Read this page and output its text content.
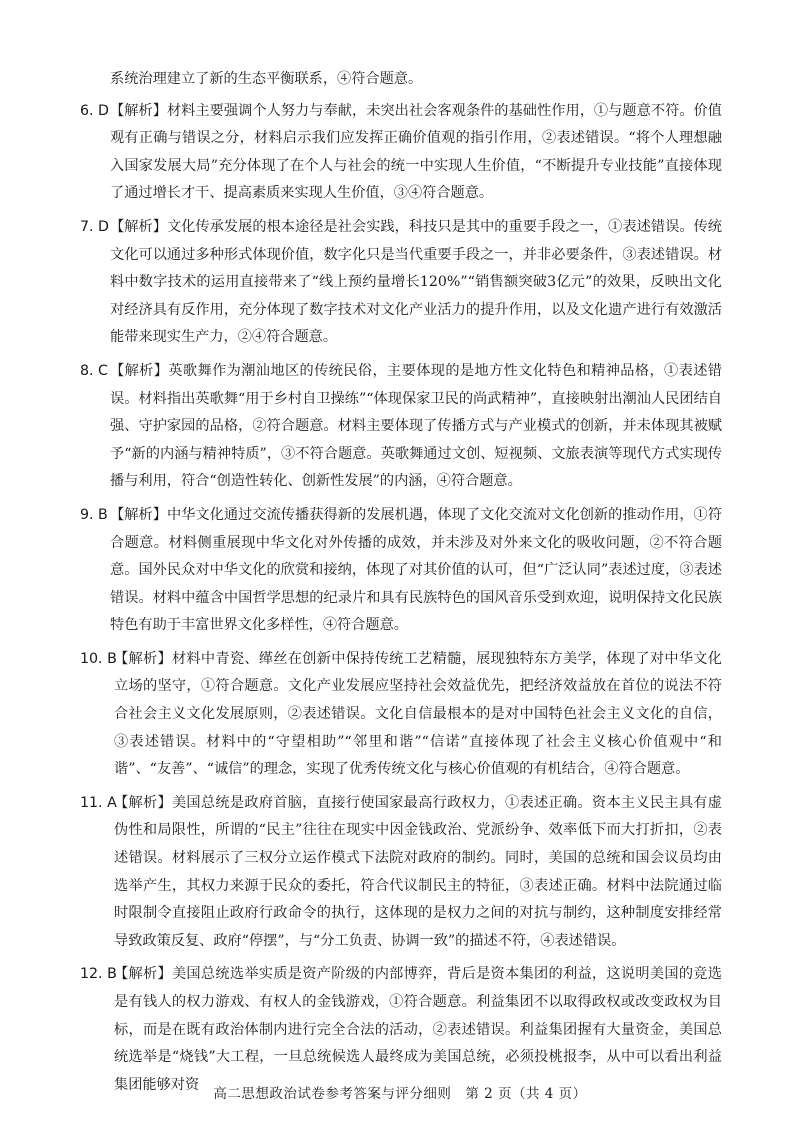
系统治理建立了新的生态平衡联系，④符合题意。

6. D 【解析】材料主要强调个人努力与奉献，未突出社会客观条件的基础性作用，①与题意不符。价值观有正确与错误之分，材料启示我们应发挥正确价值观的指引作用，②表述错误。“将个人理想融入国家发展大局”充分体现了在个人与社会的统一中实现人生价值，“不断提升专业技能”直接体现了通过增长才干、提高素质来实现人生价值，③④符合题意。
7. D 【解析】文化传承发展的根本途径是社会实践，科技只是其中的重要手段之一，①表述错误。传统文化可以通过多种形式体现价值，数字化只是当代重要手段之一，并非必要条件，③表述错误。材料中数字技术的运用直接带来了“线上预约量增长120%”“销售额突破3亿元”的效果，反映出文化对经济具有反作用，充分体现了数字技术对文化产业活力的提升作用，以及文化遗产进行有效激活能带来现实生产力，②④符合题意。
8. C 【解析】英歌舞作为潮汕地区的传统民俗，主要体现的是地方性文化特色和精神品格，①表述错误。材料指出英歌舞“用于乡村自卫操练”“体现保家卫民的尚武精神”，直接映射出潮汕人民团结自强、守护家园的品格，②符合题意。材料主要体现了传播方式与产业模式的创新，并未体现其被赋予“新的内涵与精神特质”，③不符合题意。英歌舞通过文创、短视频、文旅表演等现代方式实现传播与利用，符合“创造性转化、创新性发展”的内涵，④符合题意。
9. B 【解析】中华文化通过交流传播获得新的发展机遇，体现了文化交流对文化创新的推动作用，①符合题意。材料侧重展现中华文化对外传播的成效，并未涉及对外来文化的吸收问题，②不符合题意。国外民众对中华文化的欣赏和接纳，体现了对其价值的认可，但“广泛认同”表述过度，③表述错误。材料中蕴含中国哲学思想的纪录片和具有民族特色的国风音乐受到欢迎，说明保持文化民族特色有助于丰富世界文化多样性，④符合题意。
10. B
【解析】材料中青瓷、缂丝在创新中保持传统工艺精髓，展现独特东方美学，体现了对中华文化立场的坚守，①符合题意。文化产业发展应坚持社会效益优先，把经济效益放在首位的说法不符合社会主义文化发展原则，②表述错误。文化自信最根本的是对中国特色社会主义文化的自信，③表述错误。材料中的“守望相助”“邻里和谐”“信诺”直接体现了社会主义核心价值观中“和谐”、“友善”、“诚信”的理念，实现了优秀传统文化与核心价值观的有机结合，④符合题意。
11. A
【解析】美国总统是政府首脑，直接行使国家最高行政权力，①表述正确。资本主义民主具有虚伪性和局限性，所谓的“民主”往往在现实中因金钱政治、党派纷争、效率低下而大打折扣，②表述错误。材料展示了三权分立运作模式下法院对政府的制约。同时，美国的总统和国会议员均由选举产生，其权力来源于民众的委托，符合代议制民主的特征，③表述正确。材料中法院通过临时限制令直接阻止政府行政命令的执行，这体现的是权力之间的对抗与制约，这种制度安排经常导致政策反复、政府“停摆”，与“分工负责、协调一致”的描述不符，④表述错误。
12. B
【解析】美国总统选举实质是资产阶级的内部博弈，背后是资本集团的利益，这说明美国的竞选是有钱人的权力游戏、有权人的金钱游戏，①符合题意。利益集团不以取得政权或改变政权为目标，而是在既有政治体制内进行完全合法的活动，②表述错误。利益集团握有大量资金，美国总统选举是“烧钱”大工程，一旦总统候选人最终成为美国总统，必须投桃报李，从中可以看出利益集团能够对资
高二思想政治试卷参考答案与评分细则　第 2 页（共 4 页）
